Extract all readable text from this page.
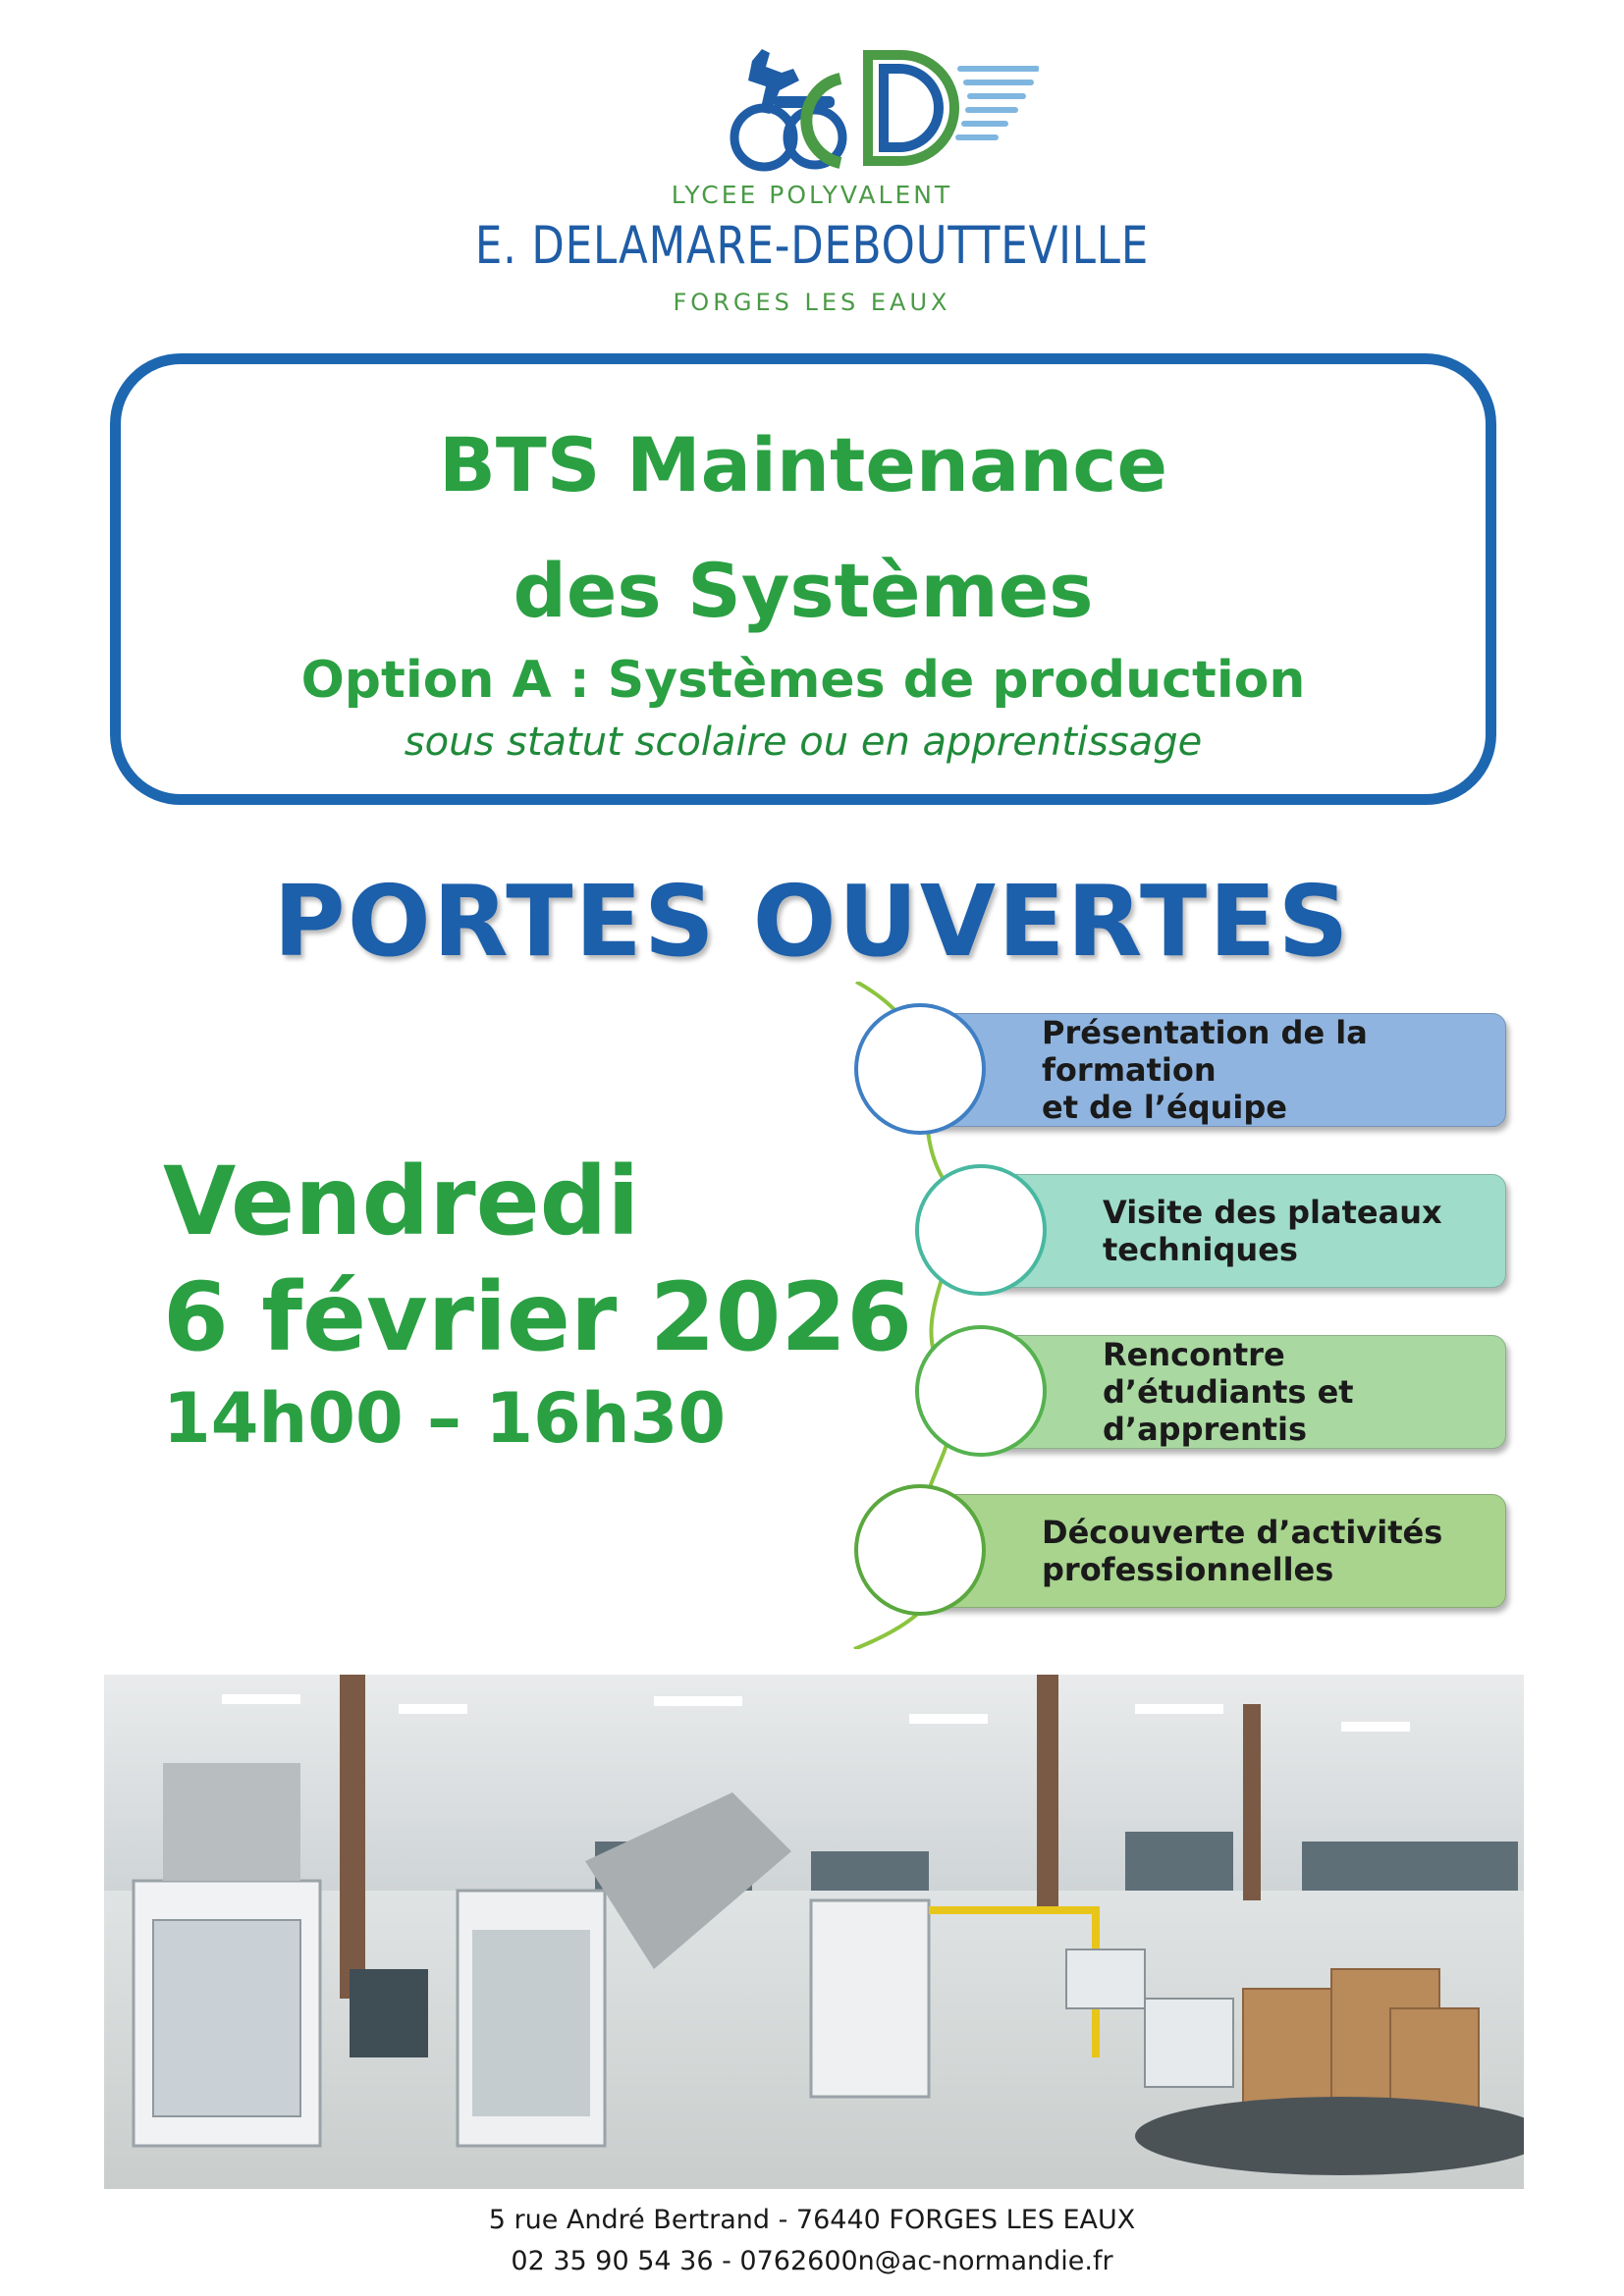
LYCEE POLYVALENT

E. DELAMARE-DEBOUTTEVILLE

FORGES LES EAUX

BTS Maintenance

des Systèmes

Option A : Systèmes de production

sous statut scolaire ou en apprentissage

PORTES OUVERTES

Vendredi

6 février 2026

14h00 – 16h30

Présentation de la formation
et de l’équipe
Visite des plateaux
techniques
Rencontre d’étudiants et
d’apprentis
Découverte d’activités
professionnelles

5 rue André Bertrand - 76440 FORGES LES EAUX

02 35 90 54 36 - 0762600n@ac-normandie.fr
